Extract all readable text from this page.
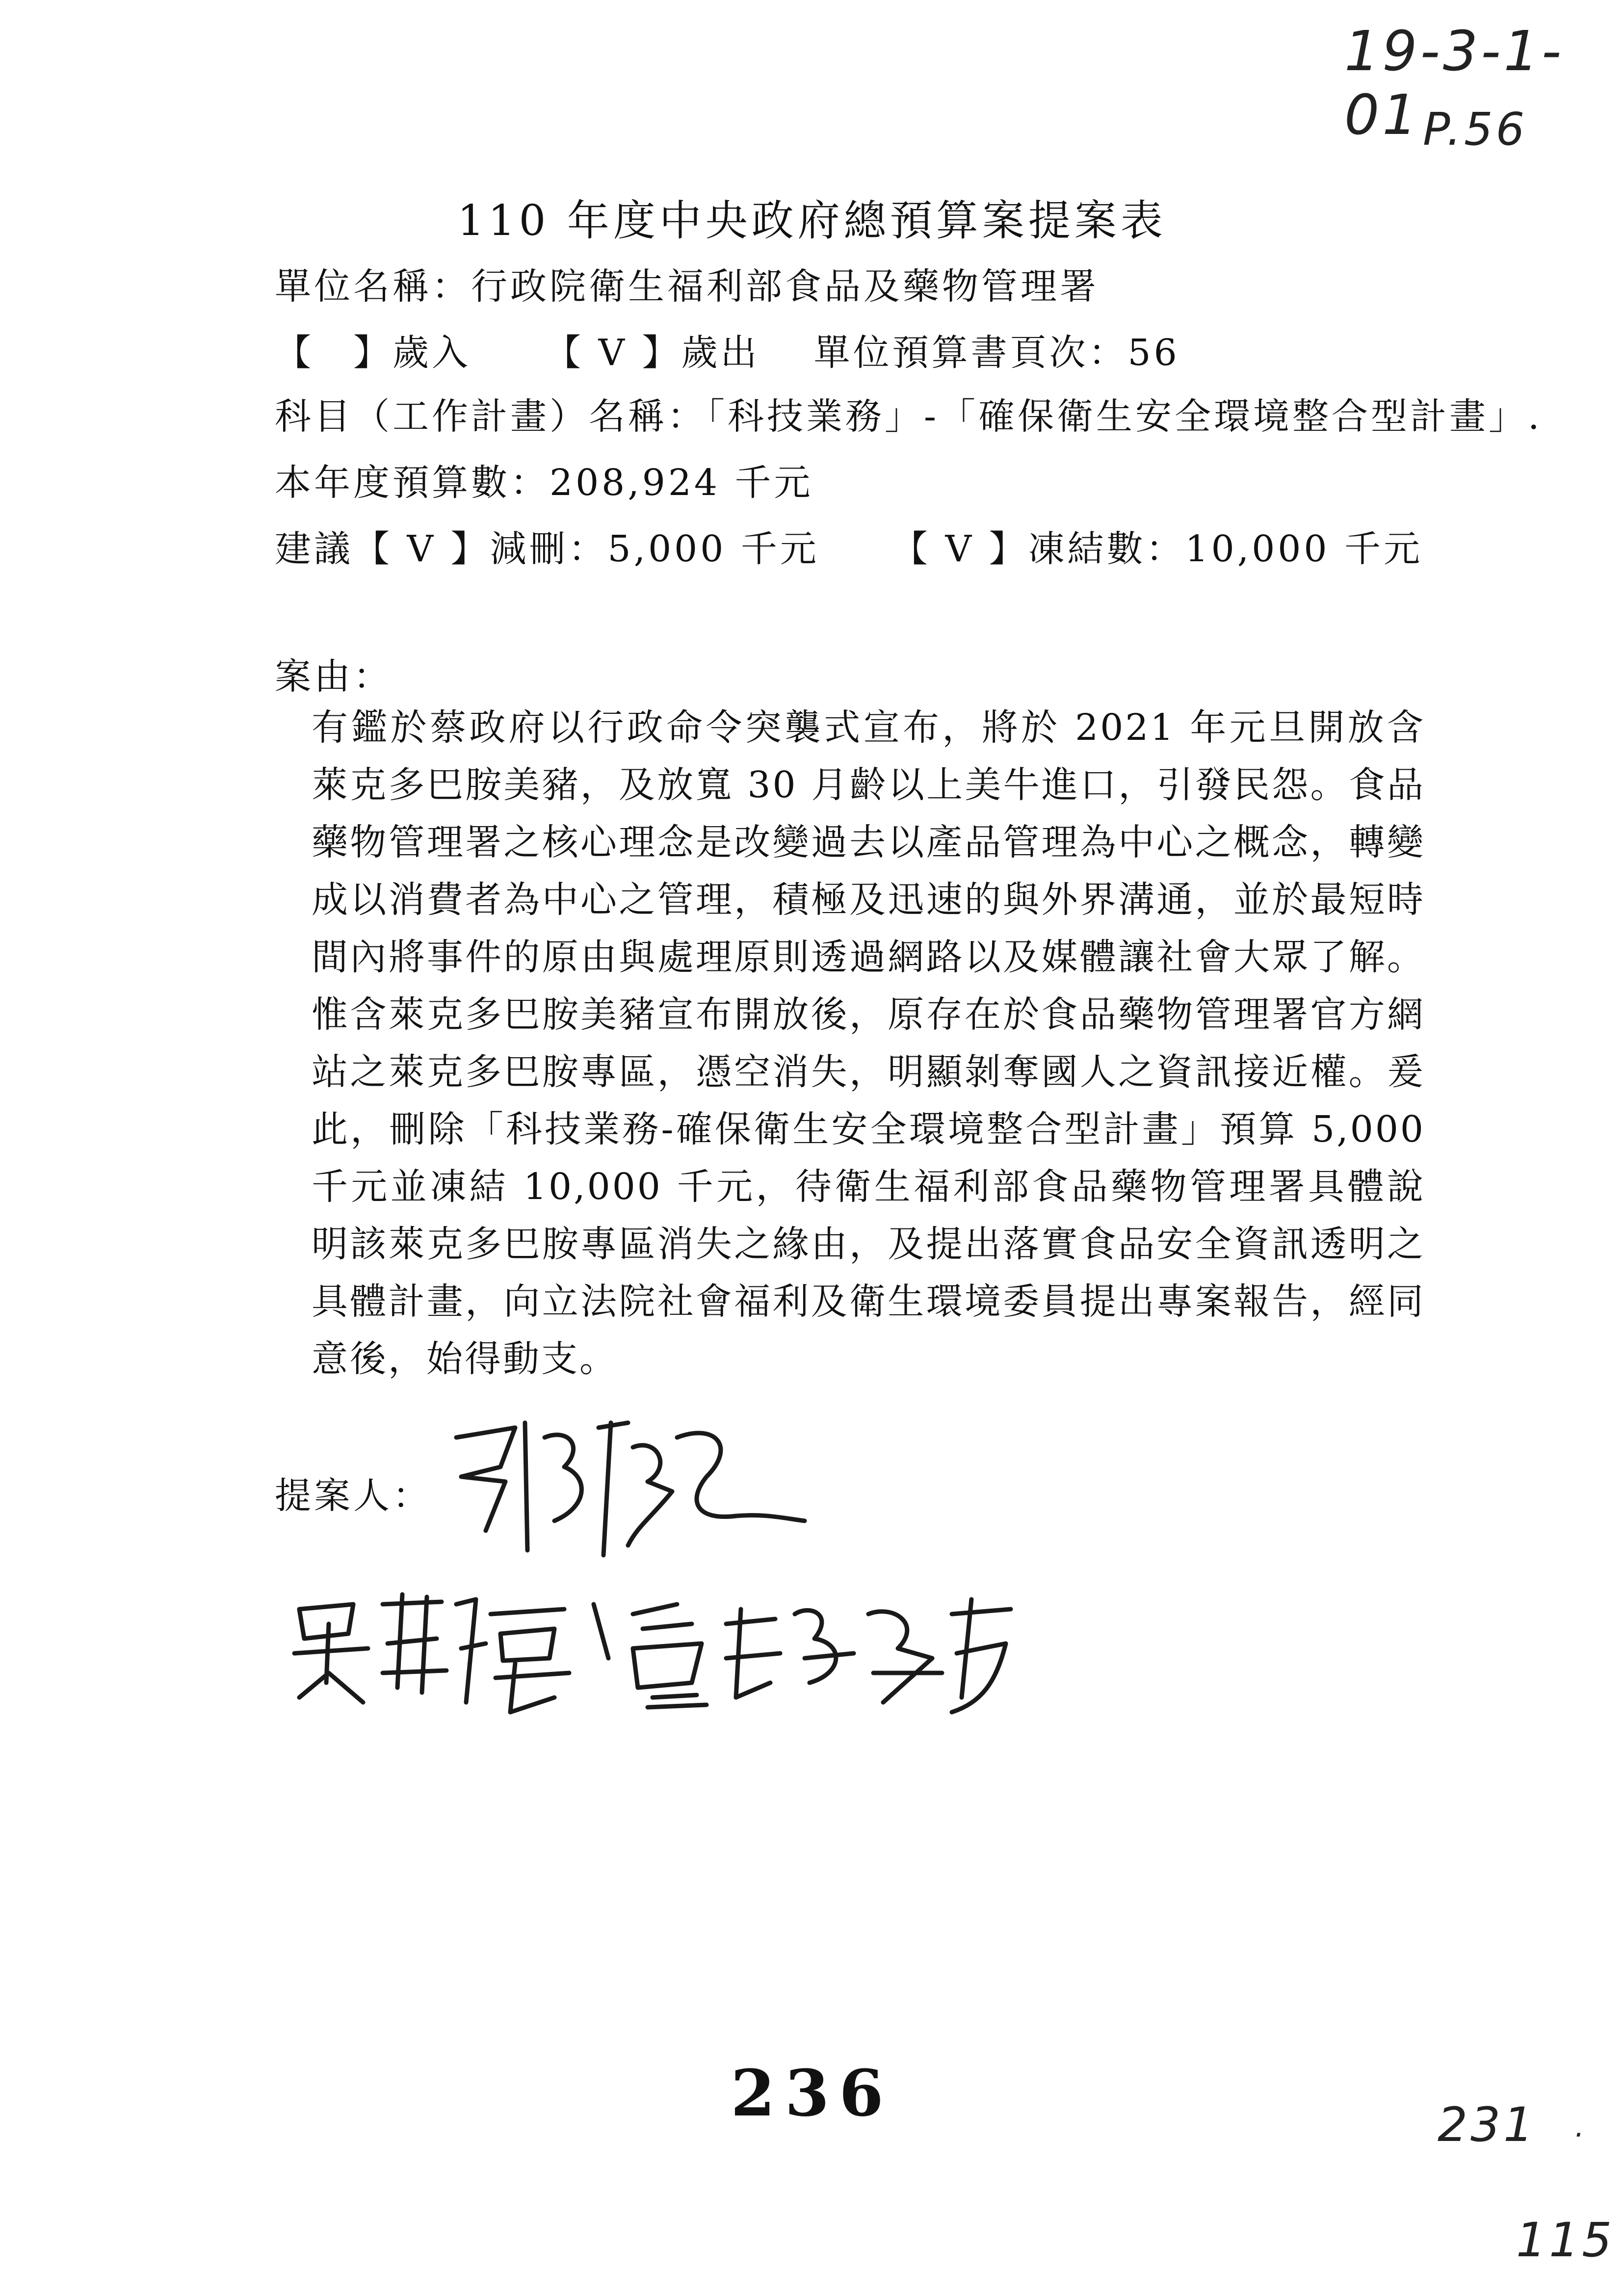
19-3-1-01 P.56
110 年度中央政府總預算案提案表
單位名稱：行政院衛生福利部食品及藥物管理署
【　】歲入 【 V 】歲出 單位預算書頁次：56
科目（工作計畫）名稱：「科技業務」-「確保衛生安全環境整合型計畫」.
本年度預算數：208,924 千元
建議【 V 】減刪：5,000 千元 【 V 】凍結數：10,000 千元
案由：

有鑑於蔡政府以行政命令突襲式宣布，將於 2021 年元旦開放含萊克多巴胺美豬，及放寬 30 月齡以上美牛進口，引發民怨。食品藥物管理署之核心理念是改變過去以產品管理為中心之概念，轉變成以消費者為中心之管理，積極及迅速的與外界溝通，並於最短時間內將事件的原由與處理原則透過網路以及媒體讓社會大眾了解。惟含萊克多巴胺美豬宣布開放後，原存在於食品藥物管理署官方網站之萊克多巴胺專區，憑空消失，明顯剝奪國人之資訊接近權。爰此，刪除「科技業務-確保衛生安全環境整合型計畫」預算 5,000 千元並凍結 10,000 千元，待衛生福利部食品藥物管理署具體說明該萊克多巴胺專區消失之緣由，及提出落實食品安全資訊透明之具體計畫，向立法院社會福利及衛生環境委員提出專案報告，經同意後，始得動支。

提案人：
236	231 .
115
